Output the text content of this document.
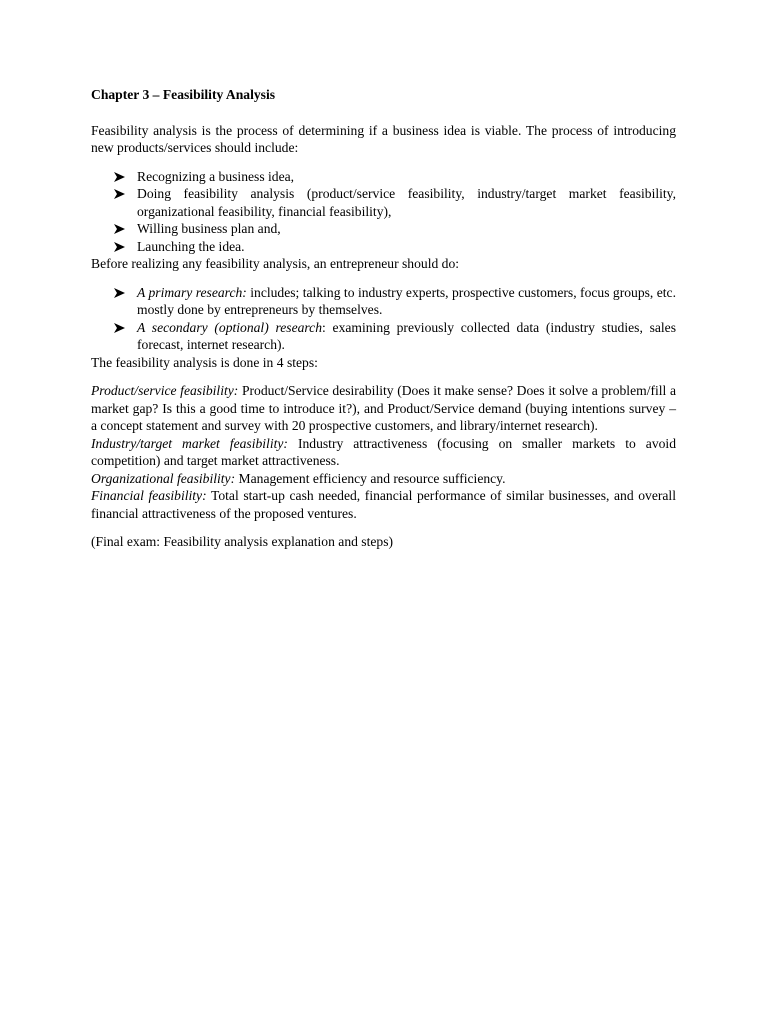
Chapter 3 – Feasibility Analysis

Feasibility analysis is the process of determining if a business idea is viable. The process of introducing new products/services should include:

Recognizing a business idea,
Doing feasibility analysis (product/service feasibility, industry/target market feasibility, organizational feasibility, financial feasibility),
Willing business plan and,
Launching the idea.

Before realizing any feasibility analysis, an entrepreneur should do:

A primary research: includes; talking to industry experts, prospective customers, focus groups, etc. mostly done by entrepreneurs by themselves.
A secondary (optional) research: examining previously collected data (industry studies, sales forecast, internet research).

The feasibility analysis is done in 4 steps:

Product/service feasibility: Product/Service desirability (Does it make sense? Does it solve a problem/fill a market gap? Is this a good time to introduce it?), and Product/Service demand (buying intentions survey – a concept statement and survey with 20 prospective customers, and library/internet research).

Industry/target market feasibility: Industry attractiveness (focusing on smaller markets to avoid competition) and target market attractiveness.

Organizational feasibility: Management efficiency and resource sufficiency.

Financial feasibility: Total start-up cash needed, financial performance of similar businesses, and overall financial attractiveness of the proposed ventures.

(Final exam: Feasibility analysis explanation and steps)
